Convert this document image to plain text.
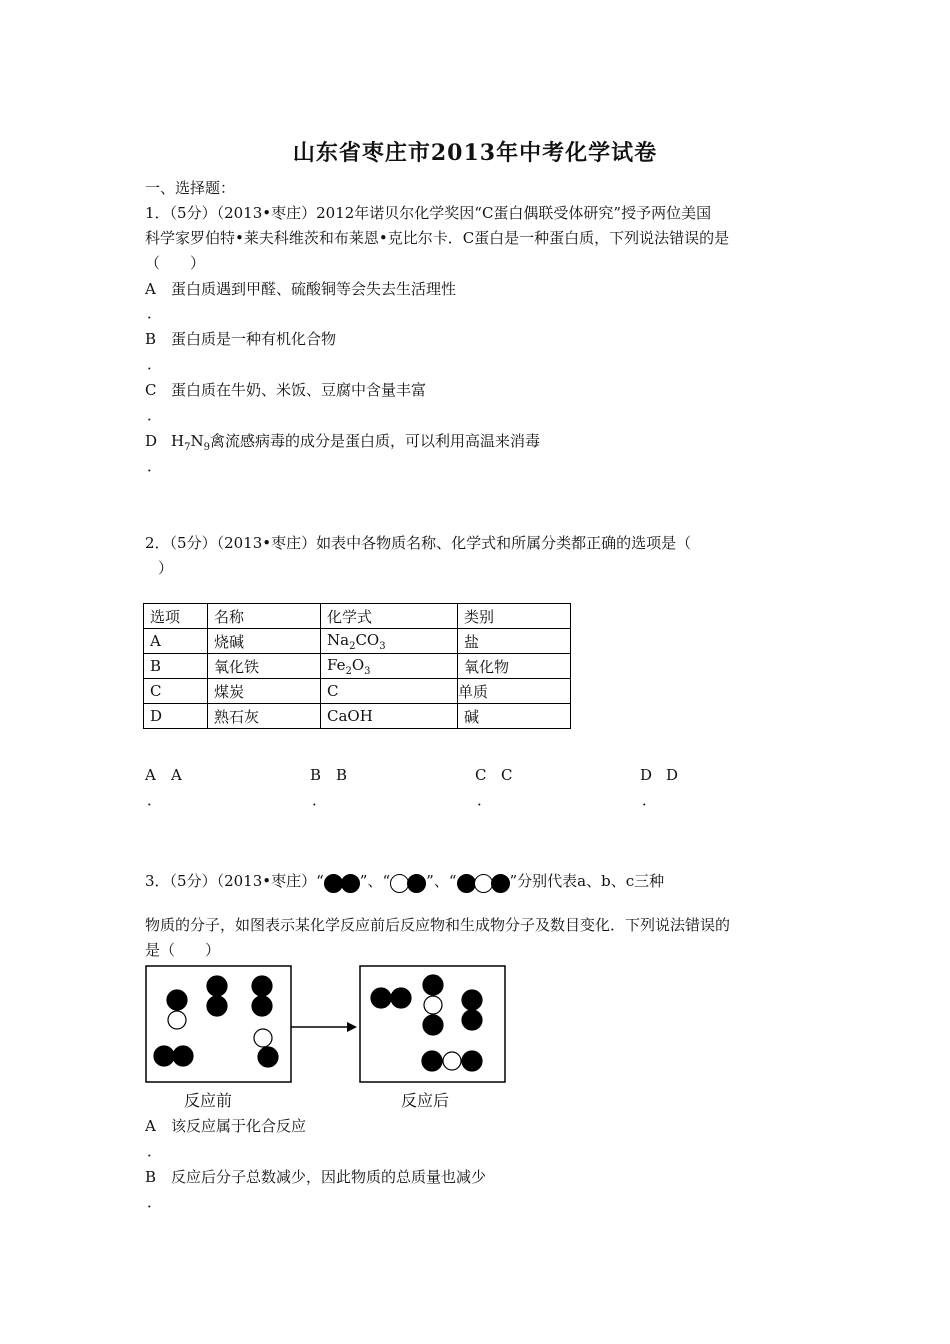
山东省枣庄市2013年中考化学试卷
一、选择题：
1．（5分）（2013•枣庄）2012年诺贝尔化学奖因“C蛋白偶联受体研究”授予两位美国
科学家罗伯特•莱夫科维茨和布莱恩•克比尔卡．C蛋白是一种蛋白质，下列说法错误的是
（　　）
A 蛋白质遇到甲醛、硫酸铜等会失去生活理性
．
B 蛋白质是一种有机化合物
．
C 蛋白质在牛奶、米饭、豆腐中含量丰富
．
D $H_7N_9$禽流感病毒的成分是蛋白质，可以利用高温来消毒
．
2．（5分）（2013•枣庄）如表中各物质名称、化学式和所属分类都正确的选项是（
）
选项	名称	化学式	类别
A	烧碱	$Na_2CO_3$	盐
B	氧化铁	$Fe_2O_3$	氧化物
C	煤炭	C	单质
D	熟石灰	CaOH	碱
A A
．
B B
．
C C
．
D D
．
3．（5分）（2013•枣庄）“ ”、“ ”、“	”分别代表a、b、c三种
物质的分子，如图表示某化学反应前后反应物和生成物分子及数目变化．下列说法错误的
是（　　）
反应前	反应后
A 该反应属于化合反应
．
B 反应后分子总数减少，因此物质的总质量也减少
．
